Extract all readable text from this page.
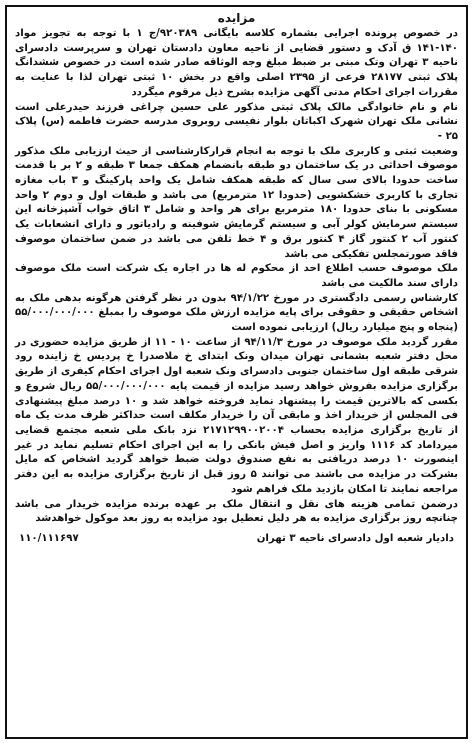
مزایده

در خصوص پرونده اجرایی بشماره کلاسه بایگانی ۹۲۰۳۸۹/ج ۱ با توجه به تجویز مواد ۱۴۰-۱۴۱ ق آدک و دستور قضایی از ناحیه معاون دادستان تهران و سرپرست دادسرای ناحیه ۳ تهران وتک مبنی بر ضبط مبلغ وجه الوثاقه صادر شده است در خصوص ششدانگ پلاک ثبتی ۲۸۱۷۷ فرعی از ۲۳۹۵ اصلی واقع در بخش ۱۰ ثبتی تهران لذا با عنایت به مقررات اجرای احکام مدنی آگهی مزایده بشرح ذیل مرقوم میگردد

نام و نام خانوادگی مالک پلاک ثبتی مذکور علی حسین چراغی فرزند حیدرعلی است نشانی ملک تهران شهرک اکباتان بلوار نفیسی روبروی مدرسه حضرت فاطمه (س) پلاک ۲۵ -

وضعیت ثبتی و کاربری ملک با توجه به انجام قرارکارشناسی از حیث ارزیابی ملک مذکور موصوف احداثی در یک ساختمان دو طبقه بانضمام همکف جمعا ۳ طبقه و ۲ بر با قدمت ساخت حدودا بالای سی سال که طبقه همکف شامل یک واحد پارکینگ و ۳ باب مغازه تجاری با کاربری خشکشویی (حدودا ۱۲ مترمربع) می باشد و طبقات اول و دوم ۲ واحد مسکونی با بنای حدودا ۱۸۰ مترمربع برای هر واحد و شامل ۳ اتاق خواب آشپزخانه این سیستم سرمایش کولر آبی و سیستم گرمایش شوفینه و رادیاتور و دارای انشعابات یک کنتور آب ۲ کنتور گاز ۴ کنتور برق و ۴ خط تلفن می باشد در ضمن ساختمان موصوف فاقد صورتمجلس تفکیکی می باشد

ملک موصوف حسب اطلاع احد از محکوم له ها در اجاره یک شرکت است ملک موصوف دارای سند مالکیت می باشد

کارشناس رسمی دادگستری در مورخ ۹۴/۱/۲۲ بدون در نظر گرفتن هرگونه بدهی ملک به اشخاص حقیقی و حقوقی برای پایه مزایده ارزش ملک موصوف را بمبلغ ۵۵/۰۰۰/۰۰۰/۰۰۰ (پنجاه و پنج میلیارد ریال) ارزیابی نموده است

مقرر گردید ملک موصوف در مورخ ۹۴/۱۱/۳ از ساعت ۱۰ - ۱۱ از طریق مزایده حضوری در محل دفتر شعبه بشمانی تهران میدان ونک ابتدای خ ملاصدرا خ پردیس خ زاینده رود شرقی طبقه اول ساختمان جنوبی دادسرای ونک شعبه اول اجرای احکام کیفری از طریق برگزاری مزایده بفروش خواهد رسید مزایده از قیمت پایه ۵۵/۰۰۰/۰۰۰/۰۰۰ ریال شروع و بکسی که بالاترین قیمت را پیشنهاد نماید فروخته خواهد شد و ۱۰ درصد مبلغ پیشنهادی فی المجلس از خریدار اخذ و مابقی آن را خریدار مکلف است حداکثر ظرف مدت یک ماه از تاریخ برگزاری مزایده بحساب ۲۱۷۱۲۹۹۰۰۲۰۰۴ نزد بانک ملی شعبه مجتمع قضایی میرداماد کد ۱۱۱۶ واریز و اصل فیش بانکی را به این اجرای احکام تسلیم نماید در غیر اینصورت ۱۰ درصد دریافتی به نفع صندوق دولت ضبط خواهد گردید اشخاص که مایل بشرکت در مزایده می باشند می توانند ۵ روز قبل از تاریخ برگزاری مزایده به این دفتر مراجعه نمایند تا امکان بازدید ملک فراهم شود

درضمن تمامی هزینه های نقل و انتقال ملک بر عهده برنده مزایده خریدار می باشد چنانچه روز برگزاری مزایده به هر دلیل تعطیل بود مزایده به روز بعد موکول خواهدشد

دادیار شعبه اول دادسرای ناحیه ۳ تهران
۱۱۰/۱۱۱۶۹۷
